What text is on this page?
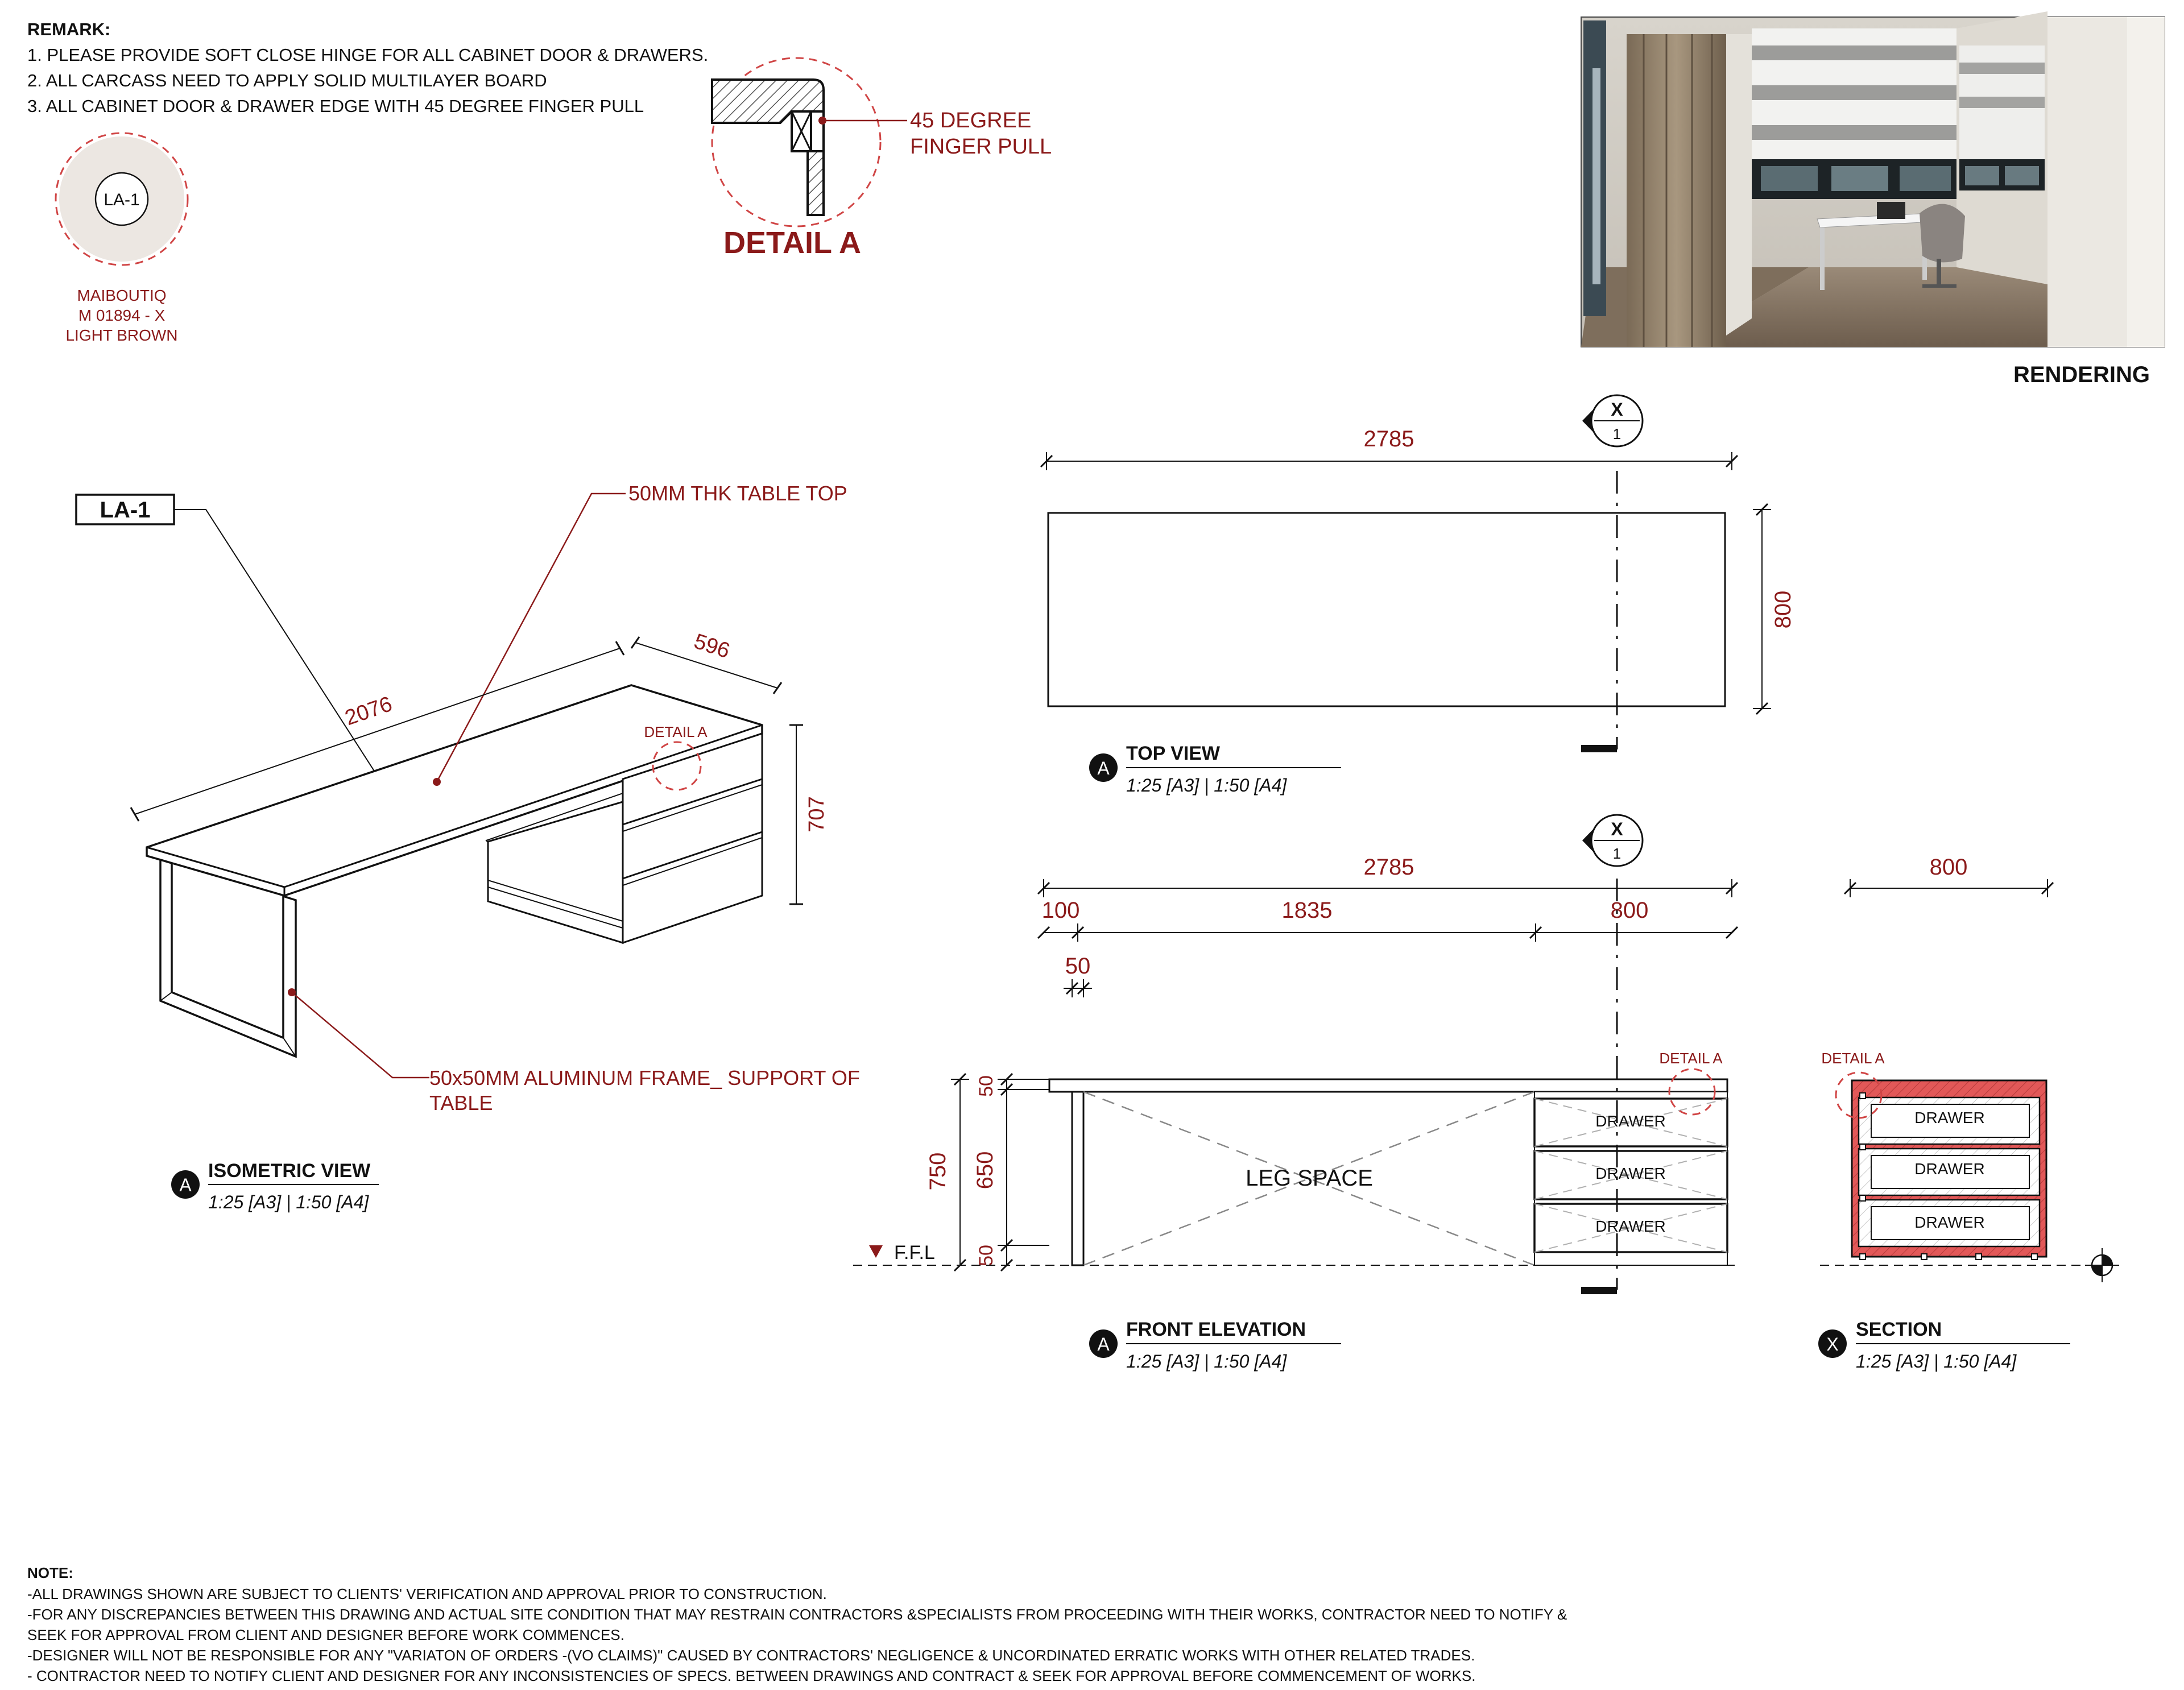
REMARK:
1. PLEASE PROVIDE SOFT CLOSE HINGE FOR ALL CABINET DOOR & DRAWERS.
2. ALL CARCASS NEED TO APPLY SOLID MULTILAYER BOARD
3. ALL CABINET DOOR & DRAWER EDGE WITH 45 DEGREE FINGER PULL
LA-1
MAIBOUTIQ
M 01894 - X
LIGHT BROWN
45 DEGREE
FINGER PULL
DETAIL A
RENDERING
LA-1
DETAIL A
50MM THK TABLE TOP
50x50MM ALUMINUM FRAME_ SUPPORT OF
TABLE
2076
596
707
A
ISOMETRIC VIEW
1:25 [A3] | 1:50 [A4]
2785
800
X
1
A
TOP VIEW
1:25 [A3] | 1:50 [A4]
2785
100	1835	800
50
750
50
650
50
LEG SPACE
DRAWER
DRAWER
DRAWER
DETAIL A
F.F.L
X
1
A
FRONT ELEVATION
1:25 [A3] | 1:50 [A4]
800
DRAWER
DRAWER
DRAWER
DETAIL A
X
SECTION
1:25 [A3] | 1:50 [A4]
NOTE:
-ALL DRAWINGS SHOWN ARE SUBJECT TO CLIENTS' VERIFICATION AND APPROVAL PRIOR TO CONSTRUCTION.
-FOR ANY DISCREPANCIES BETWEEN THIS DRAWING AND ACTUAL SITE CONDITION THAT MAY RESTRAIN CONTRACTORS &SPECIALISTS FROM PROCEEDING WITH THEIR WORKS, CONTRACTOR NEED TO NOTIFY &
SEEK FOR APPROVAL FROM CLIENT AND DESIGNER BEFORE WORK COMMENCES.
-DESIGNER WILL NOT BE RESPONSIBLE FOR ANY "VARIATON OF ORDERS -(VO CLAIMS)" CAUSED BY CONTRACTORS' NEGLIGENCE & UNCORDINATED ERRATIC WORKS WITH OTHER RELATED TRADES.
- CONTRACTOR NEED TO NOTIFY CLIENT AND DESIGNER FOR ANY INCONSISTENCIES OF SPECS. BETWEEN DRAWINGS AND CONTRACT & SEEK FOR APPROVAL BEFORE COMMENCEMENT OF WORKS.
